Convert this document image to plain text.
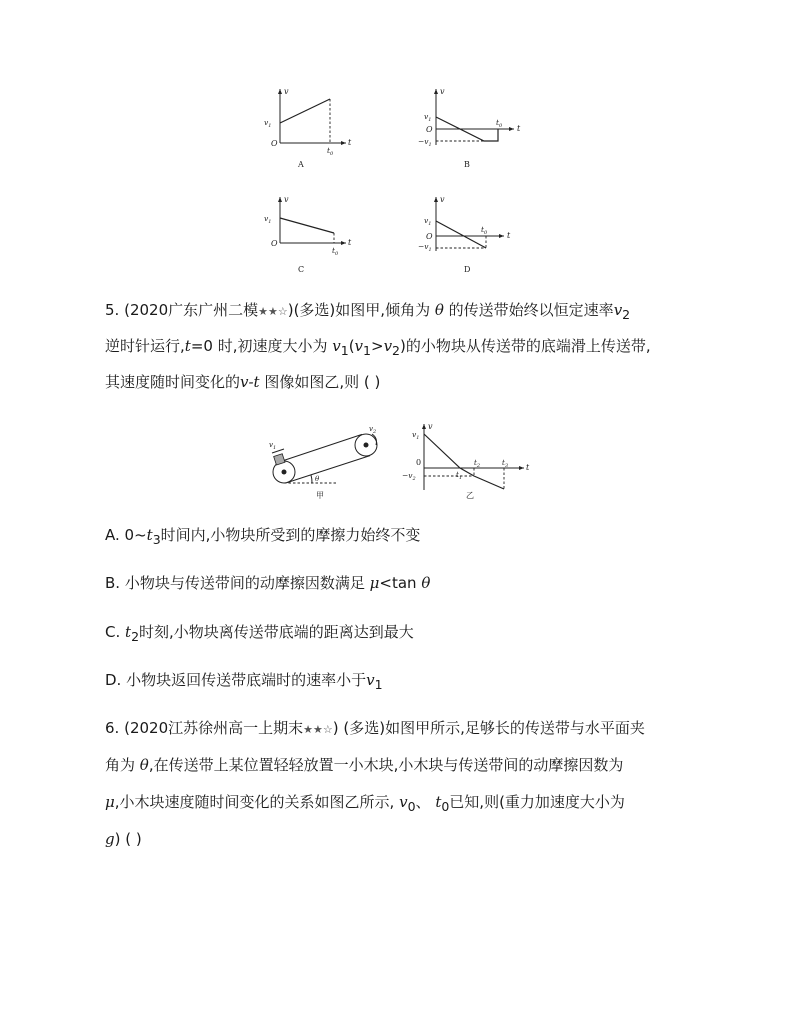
v
t
$v_1$
O
$t_0$
A
v
t
$v_1$
O
$-v_1$
$t_0$
B
v
t
$v_1$
O
$t_0$
C
v
t
$v_1$
O
$-v_1$
$t_0$
D
5. (2020广东广州二模★★☆)(多选)如图甲,倾角为 θ 的传送带始终以恒定速率$v_2$
逆时针运行,t=0 时,初速度大小为 $v_1(v_1>v_2)$的小物块从传送带的底端滑上传送带,
其速度随时间变化的v-t 图像如图乙,则 ( )
θ
$v_1$
$v_2$
甲
v
t
$v_1$
0
$-v_2$	$t_1$
$t_2$	$t_3$
乙
A. $0\sim t_3$时间内,小物块所受到的摩擦力始终不变
B. 小物块与传送带间的动摩擦因数满足 μ<tan θ
C. $t_2$时刻,小物块离传送带底端的距离达到最大
D. 小物块返回传送带底端时的速率小于$v_1$
6. (2020江苏徐州高一上期末★★☆) (多选)如图甲所示,足够长的传送带与水平面夹
角为 θ,在传送带上某位置轻轻放置一小木块,小木块与传送带间的动摩擦因数为
μ,小木块速度随时间变化的关系如图乙所示, $v_0$、 $t_0$已知,则(重力加速度大小为
g) ( )
